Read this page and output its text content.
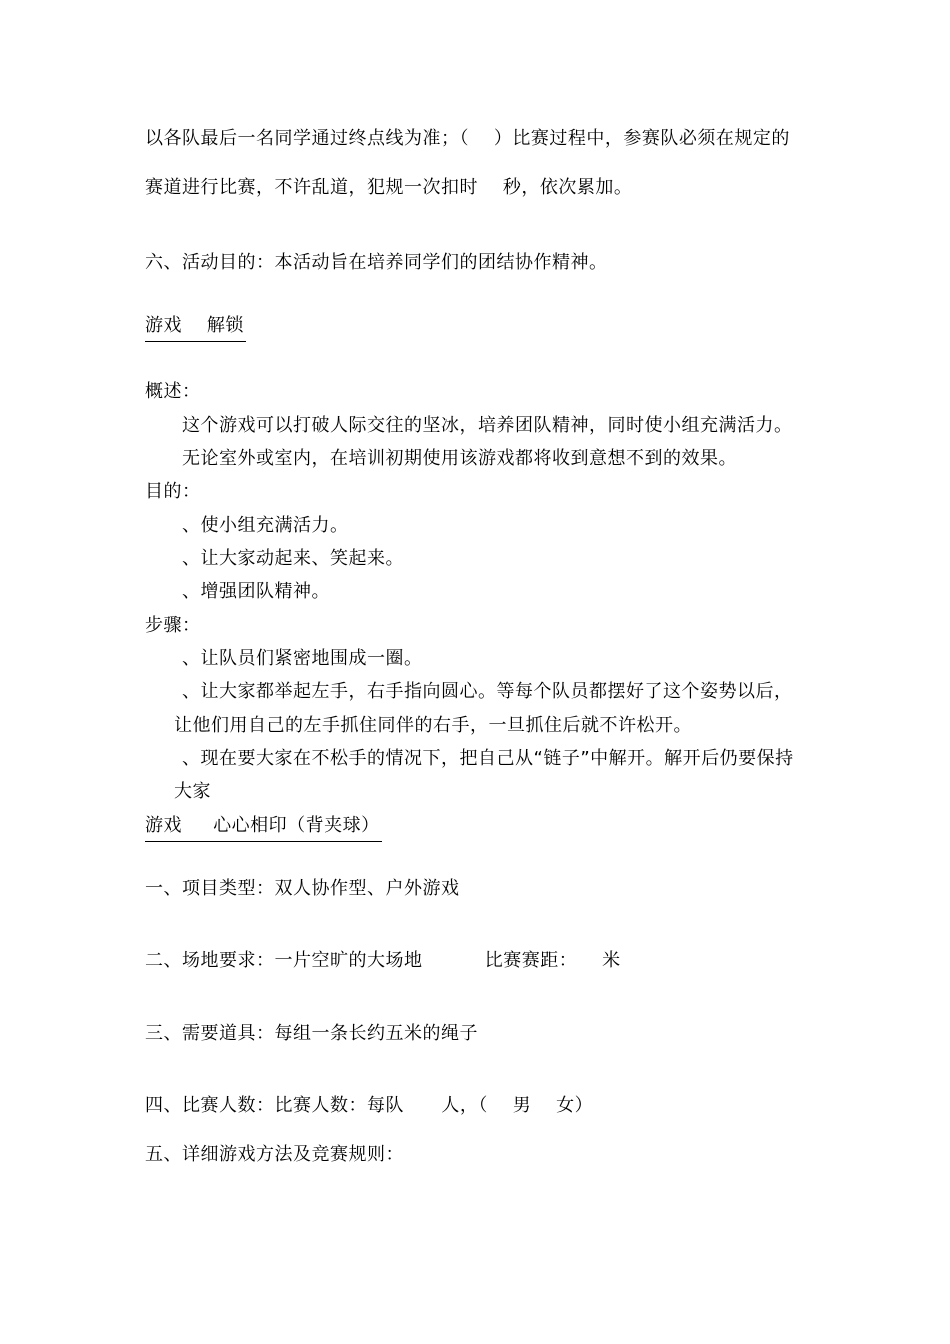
以各队最后一名同学通过终点线为准；（    ）比赛过程中，参赛队必须在规定的
赛道进行比赛，不许乱道，犯规一次扣时    秒，依次累加。
六、活动目的：本活动旨在培养同学们的团结协作精神。
游戏    解锁
概述：
这个游戏可以打破人际交往的坚冰，培养团队精神，同时使小组充满活力。
无论室外或室内，在培训初期使用该游戏都将收到意想不到的效果。
目的：
、使小组充满活力。
、让大家动起来、笑起来。
、增强团队精神。
步骤：
、让队员们紧密地围成一圈。
、让大家都举起左手，右手指向圆心。等每个队员都摆好了这个姿势以后，
让他们用自己的左手抓住同伴的右手，一旦抓住后就不许松开。
、现在要大家在不松手的情况下，把自己从“链子”中解开。解开后仍要保持
大家
游戏     心心相印（背夹球）
一、项目类型：双人协作型、户外游戏
二、场地要求：一片空旷的大场地          比赛赛距：    米
三、需要道具：每组一条长约五米的绳子
四、比赛人数：比赛人数：每队      人，（    男    女）
五、详细游戏方法及竞赛规则：
